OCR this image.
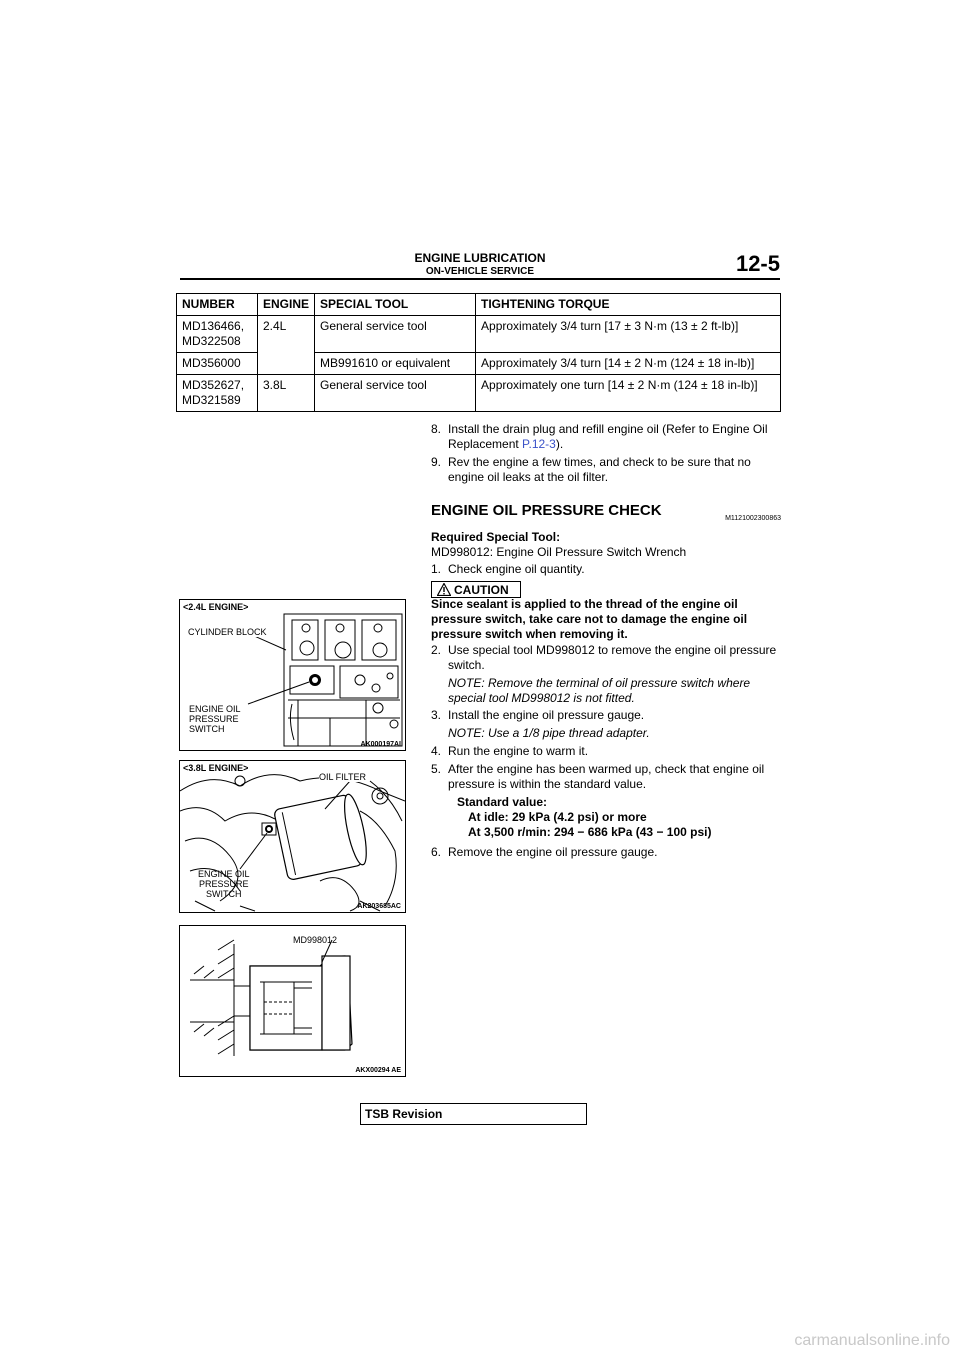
ENGINE LUBRICATION
ON-VEHICLE SERVICE	12-5
NUMBER	ENGINE	SPECIAL TOOL	TIGHTENING TORQUE
MD136466,
MD322508	2.4L	General service tool	Approximately 3/4 turn [17 ± 3 N·m (13 ± 2 ft-lb)]
MD356000		MB991610 or equivalent	Approximately 3/4 turn [14 ± 2 N·m (124 ± 18 in-lb)]
MD352627,
MD321589	3.8L	General service tool	Approximately one turn [14 ± 2 N·m (124 ± 18 in-lb)]
8. Install the drain plug and refill engine oil (Refer to Engine Oil Replacement P.12-3).
9. Rev the engine a few times, and check to be sure that no engine oil leaks at the oil filter.
ENGINE OIL PRESSURE CHECK	M1121002300863
Required Special Tool:
MD998012: Engine Oil Pressure Switch Wrench
1. Check engine oil quantity.
CAUTION
Since sealant is applied to the thread of the engine oil pressure switch, take care not to damage the engine oil pressure switch when removing it.
2. Use special tool MD998012 to remove the engine oil pressure switch.
NOTE: Remove the terminal of oil pressure switch where special tool MD998012 is not fitted.
3. Install the engine oil pressure gauge.
NOTE: Use a 1/8 pipe thread adapter.
4. Run the engine to warm it.
5. After the engine has been warmed up, check that engine oil pressure is within the standard value.
Standard value:
At idle: 29 kPa (4.2 psi) or more
At 3,500 r/min: 294 − 686 kPa (43 − 100 psi)
6. Remove the engine oil pressure gauge.
<2.4L ENGINE>
CYLINDER BLOCK
ENGINE OIL
PRESSURE
SWITCH
AK000197AI
<3.8L ENGINE>
OIL FILTER
ENGINE OIL
PRESSURE
SWITCH
AK203685AC
MD998012
AKX00294 AE
TSB Revision
carmanualsonline.info
